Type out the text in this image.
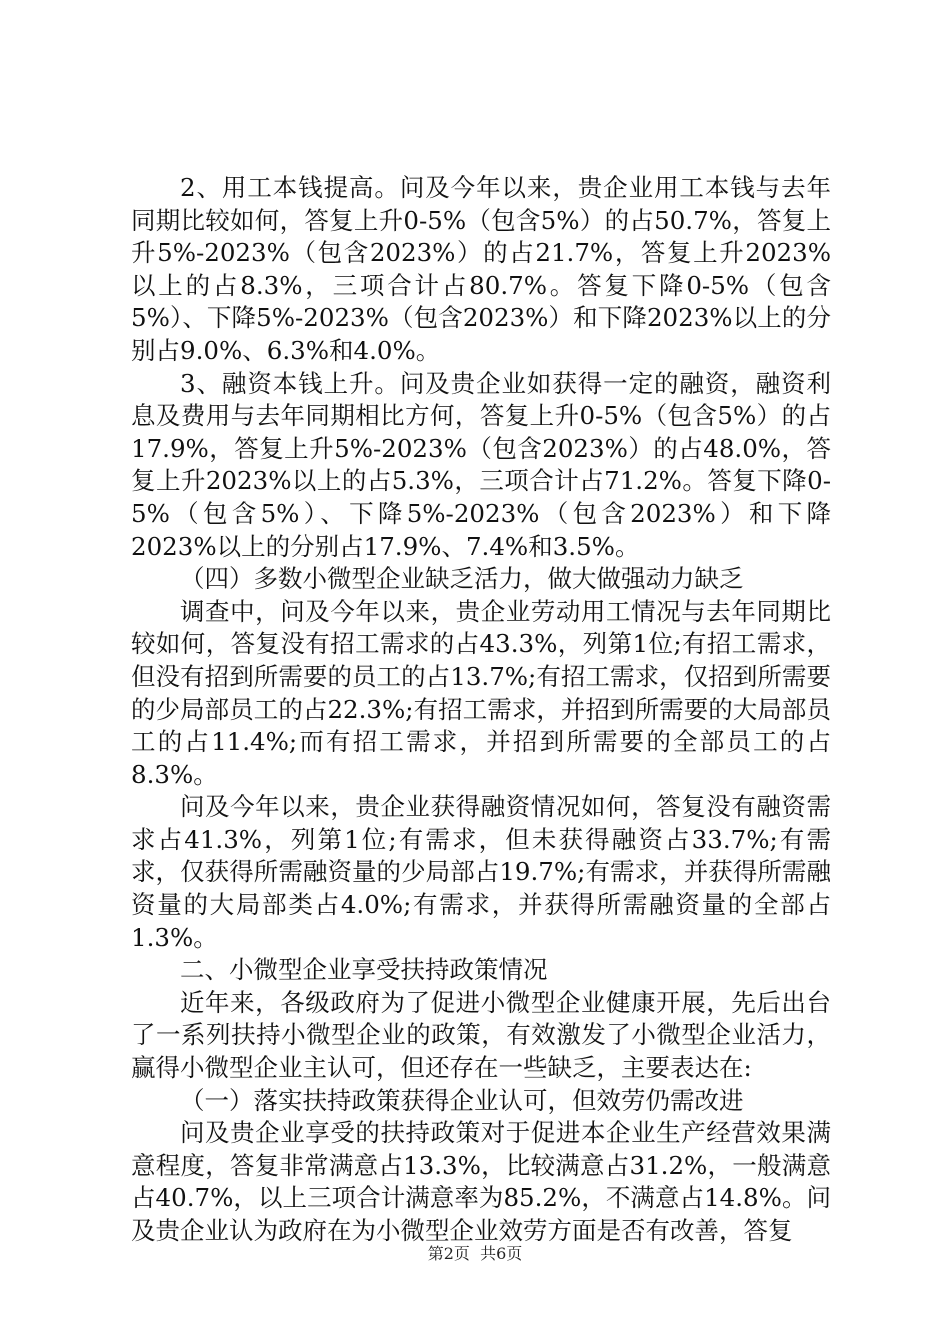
2、用工本钱提高。问及今年以来，贵企业用工本钱与去年同期比较如何，答复上升0-5%（包含5%）的占50.7%，答复上升5%-2023%（包含2023%）的占21.7%，答复上升2023%以上的占8.3%，三项合计占80.7%。答复下降0-5%（包含5%）、下降5%-2023%（包含2023%）和下降2023%以上的分别占9.0%、6.3%和4.0%。

3、融资本钱上升。问及贵企业如获得一定的融资，融资利息及费用与去年同期相比方何，答复上升0-5%（包含5%）的占17.9%，答复上升5%-2023%（包含2023%）的占48.0%，答复上升2023%以上的占5.3%，三项合计占71.2%。答复下降0-5%（包含5%）、下降5%-2023%（包含2023%）和下降2023%以上的分别占17.9%、7.4%和3.5%。

（四）多数小微型企业缺乏活力，做大做强动力缺乏

调查中，问及今年以来，贵企业劳动用工情况与去年同期比较如何，答复没有招工需求的占43.3%，列第1位;有招工需求，但没有招到所需要的员工的占13.7%;有招工需求，仅招到所需要的少局部员工的占22.3%;有招工需求，并招到所需要的大局部员工的占11.4%;而有招工需求，并招到所需要的全部员工的占8.3%。

问及今年以来，贵企业获得融资情况如何，答复没有融资需求占41.3%，列第1位;有需求，但未获得融资占33.7%;有需求，仅获得所需融资量的少局部占19.7%;有需求，并获得所需融资量的大局部类占4.0%;有需求，并获得所需融资量的全部占1.3%。

二、小微型企业享受扶持政策情况

近年来，各级政府为了促进小微型企业健康开展，先后出台了一系列扶持小微型企业的政策，有效激发了小微型企业活力，赢得小微型企业主认可，但还存在一些缺乏，主要表达在:

（一）落实扶持政策获得企业认可，但效劳仍需改进

问及贵企业享受的扶持政策对于促进本企业生产经营效果满意程度，答复非常满意占13.3%，比较满意占31.2%，一般满意占40.7%，以上三项合计满意率为85.2%，不满意占14.8%。问及贵企业认为政府在为小微型企业效劳方面是否有改善，答复

第2页 共6页
